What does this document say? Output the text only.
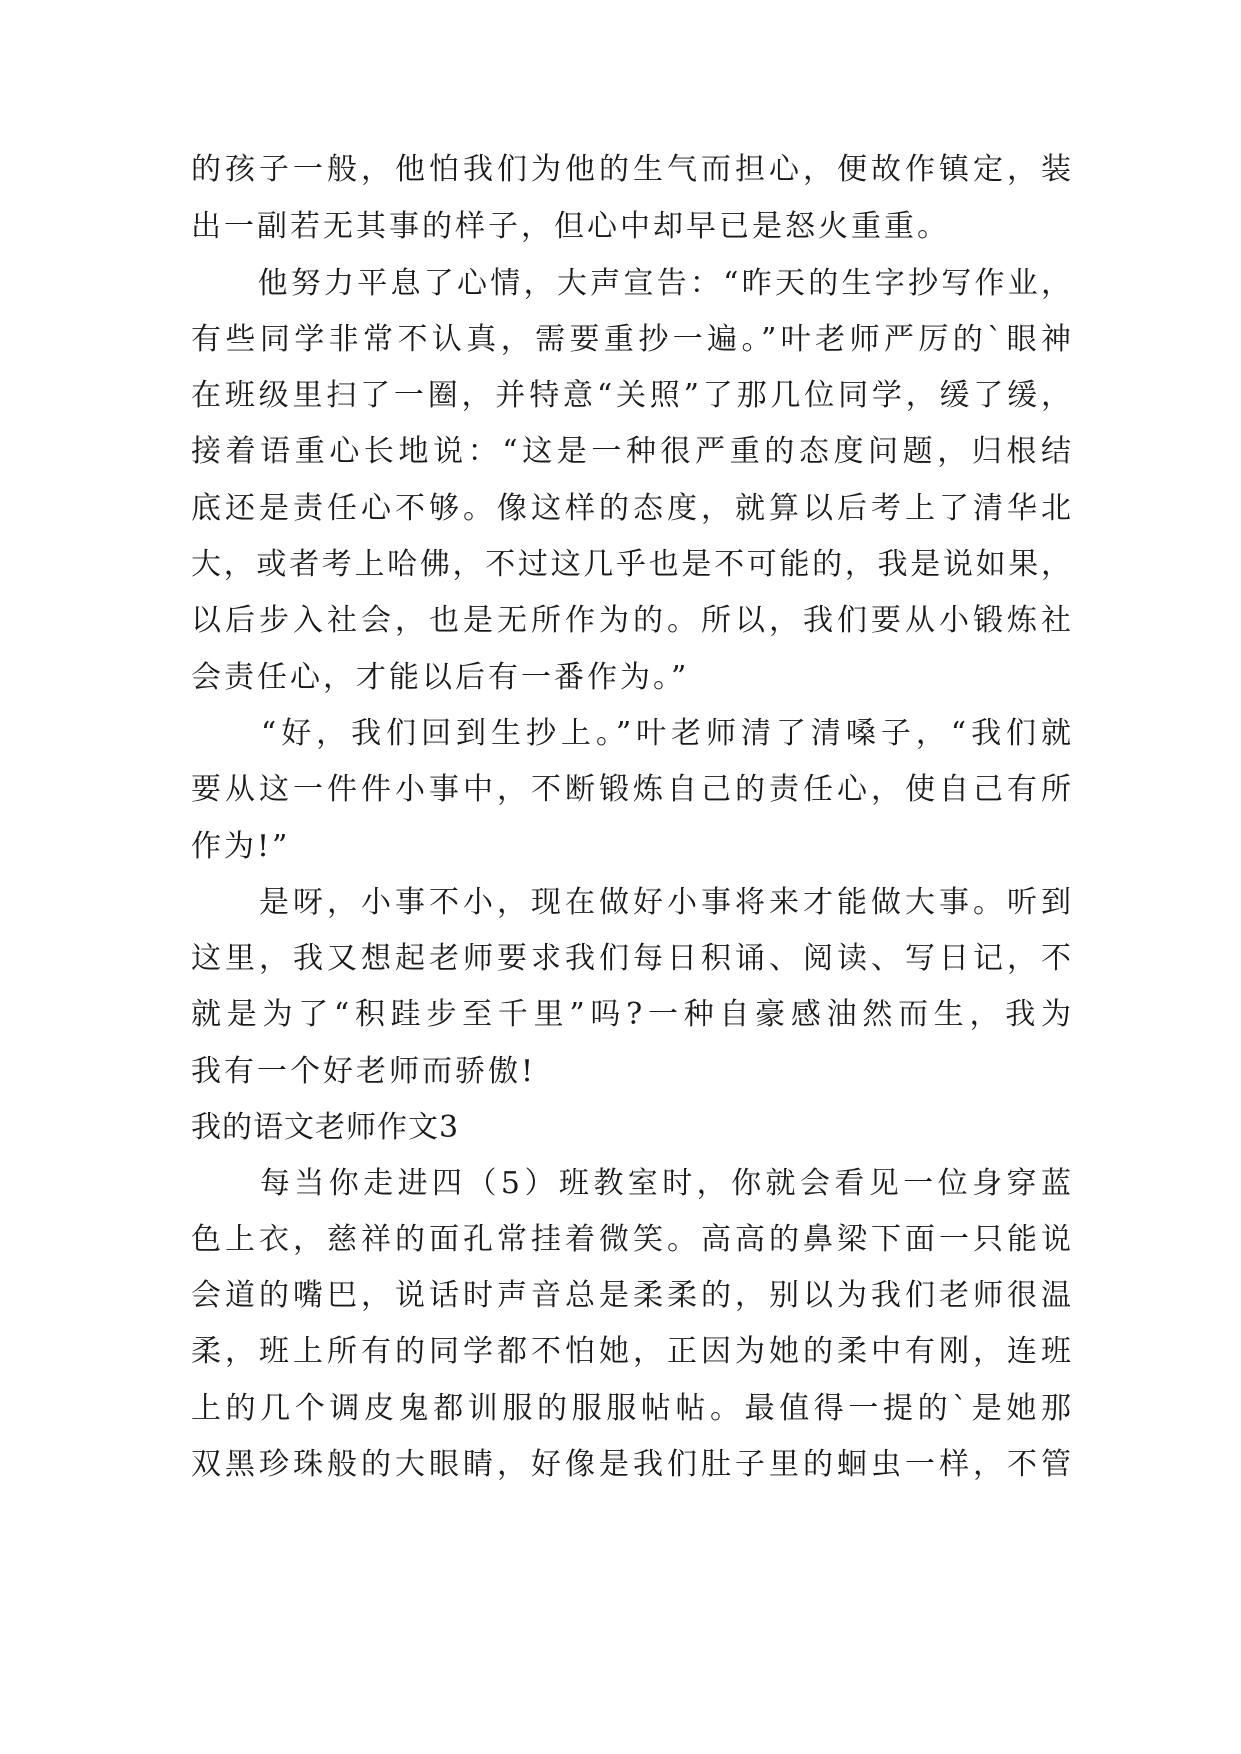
的孩子一般，他怕我们为他的生气而担心，便故作镇定，装
出一副若无其事的样子，但心中却早已是怒火重重。
　　他努力平息了心情，大声宣告：“昨天的生字抄写作业，
有些同学非常不认真，需要重抄一遍。”叶老师严厉的`眼神
在班级里扫了一圈，并特意“关照”了那几位同学，缓了缓，
接着语重心长地说：“这是一种很严重的态度问题，归根结
底还是责任心不够。像这样的态度，就算以后考上了清华北
大，或者考上哈佛，不过这几乎也是不可能的，我是说如果，
以后步入社会，也是无所作为的。所以，我们要从小锻炼社
会责任心，才能以后有一番作为。”
　　“好，我们回到生抄上。”叶老师清了清嗓子，“我们就
要从这一件件小事中，不断锻炼自己的责任心，使自己有所
作为!”
　　是呀，小事不小，现在做好小事将来才能做大事。听到
这里，我又想起老师要求我们每日积诵、阅读、写日记，不
就是为了“积跬步至千里”吗?一种自豪感油然而生，我为
我有一个好老师而骄傲!
我的语文老师作文3
　　每当你走进四（5）班教室时，你就会看见一位身穿蓝
色上衣，慈祥的面孔常挂着微笑。高高的鼻梁下面一只能说
会道的嘴巴，说话时声音总是柔柔的，别以为我们老师很温
柔，班上所有的同学都不怕她，正因为她的柔中有刚，连班
上的几个调皮鬼都训服的服服帖帖。最值得一提的`是她那
双黑珍珠般的大眼睛，好像是我们肚子里的蛔虫一样，不管
